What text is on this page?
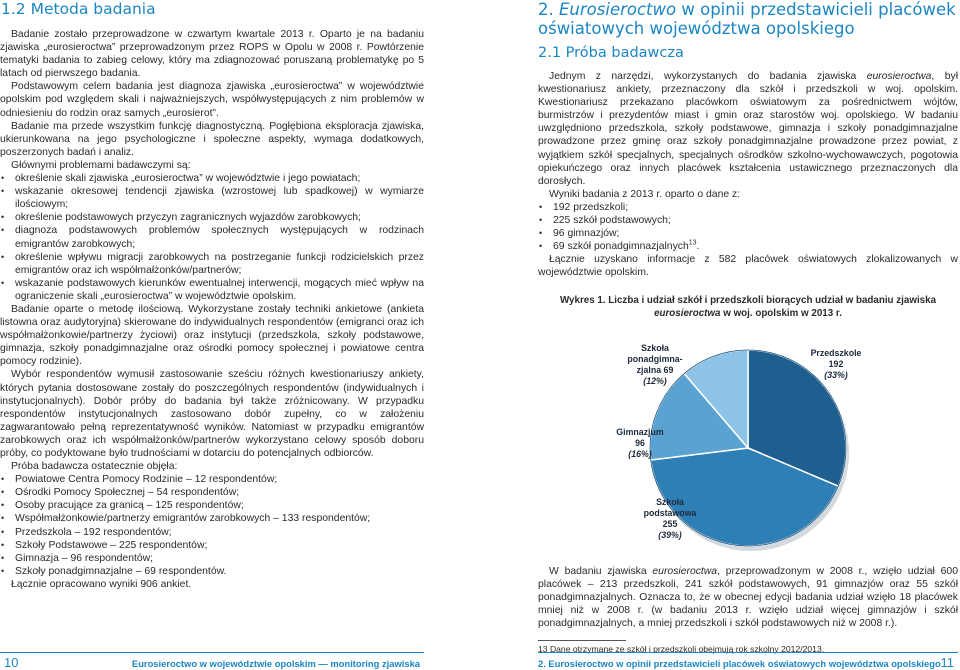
1.2 Metoda badania

Badanie zostało przeprowadzone w czwartym kwartale 2013 r. Oparto je na badaniu zjawiska „eurosieroctwa” przeprowadzonym przez ROPS w Opolu w 2008 r. Powtórzenie tematyki badania to zabieg celowy, który ma zdiagnozować poruszaną problematykę po 5 latach od pierwszego badania.

Podstawowym celem badania jest diagnoza zjawiska „eurosieroctwa” w województwie opolskim pod względem skali i najważniejszych, współwystępujących z nim problemów w odniesieniu do rodzin oraz samych „eurosierot”.

Badanie ma przede wszystkim funkcję diagnostyczną. Pogłębiona eksploracja zjawiska, ukierunkowana na jego psychologiczne i społeczne aspekty, wymaga dodatkowych, poszerzonych badań i analiz.

Głównymi problemami badawczymi są:

• określenie skali zjawiska „eurosieroctwa” w województwie i jego powiatach;
• wskazanie okresowej tendencji zjawiska (wzrostowej lub spadkowej) w wymiarze ilościowym;
• określenie podstawowych przyczyn zagranicznych wyjazdów zarobkowych;
• diagnoza podstawowych problemów społecznych występujących w rodzinach emigrantów zarobkowych;
• określenie wpływu migracji zarobkowych na postrzeganie funkcji rodzicielskich przez emigrantów oraz ich współmałżonków/partnerów;
• wskazanie podstawowych kierunków ewentualnej interwencji, mogących mieć wpływ na ograniczenie skali „eurosieroctwa” w województwie opolskim.

Badanie oparte o metodę ilościową. Wykorzystane zostały techniki ankietowe (ankieta listowna oraz audytoryjna) skierowane do indywidualnych respondentów (emigranci oraz ich współmałżonkowie/partnerzy życiowi) oraz instytucji (przedszkola, szkoły podstawowe, gimnazja, szkoły ponadgimnazjalne oraz ośrodki pomocy społecznej i powiatowe centra pomocy rodzinie).

Wybór respondentów wymusił zastosowanie sześciu różnych kwestionariuszy ankiety, których pytania dostosowane zostały do poszczególnych respondentów (indywidualnych i instytucjonalnych). Dobór próby do badania był także zróżnicowany. W przypadku respondentów instytucjonalnych zastosowano dobór zupełny, co w założeniu zagwarantowało pełną reprezentatywność wyników. Natomiast w przypadku emigrantów zarobkowych oraz ich współmałżonków/partnerów wykorzystano celowy sposób doboru próby, co podyktowane było trudnościami w dotarciu do potencjalnych odbiorców.

Próba badawcza ostatecznie objęła:

• Powiatowe Centra Pomocy Rodzinie – 12 respondentów;
• Ośrodki Pomocy Społecznej – 54 respondentów;
• Osoby pracujące za granicą – 125 respondentów;
• Współmałżonkowie/partnerzy emigrantów zarobkowych – 133 respondentów;
• Przedszkola – 192 respondentów;
• Szkoły Podstawowe – 225 respondentów;
• Gimnazja – 96 respondentów;
• Szkoły ponadgimnazjalne – 69 respondentów.

Łącznie opracowano wyniki 906 ankiet.

2. Eurosieroctwo w opinii przedstawicieli placówek oświatowych województwa opolskiego
2.1 Próba badawcza

Jednym z narzędzi, wykorzystanych do badania zjawiska eurosieroctwa, był kwestionariusz ankiety, przeznaczony dla szkół i przedszkoli w woj. opolskim. Kwestionariusz przekazano placówkom oświatowym za pośrednictwem wójtów, burmistrzów i prezydentów miast i gmin oraz starostów woj. opolskiego. W badaniu uwzględniono przedszkola, szkoły podstawowe, gimnazja i szkoły ponadgimnazjalne prowadzone przez gminę oraz szkoły ponadgimnazjalne prowadzone przez powiat, z wyjątkiem szkół specjalnych, specjalnych ośrodków szkolno-wychowawczych, pogotowia opiekuńczego oraz innych placówek kształcenia ustawicznego przeznaczonych dla dorosłych.

Wyniki badania z 2013 r. oparto o dane z:

• 192 przedszkoli;
• 225 szkół podstawowych;
• 96 gimnazjów;
• 69 szkół ponadgimnazjalnych$^{13}$.

Łącznie uzyskano informacje z 582 placówek oświatowych zlokalizowanych w województwie opolskim.

Wykres 1. Liczba i udział szkół i przedszkoli biorących udział w badaniu zjawiska eurosieroctwa w woj. opolskim w 2013 r.

Przedszkole
192
(33%)
Szkoła
podstawowa
255
(39%)
Gimnazjum
96
(16%)
Szkoła
ponadgimna-
zjalna 69
(12%)

W badaniu zjawiska eurosieroctwa, przeprowadzonym w 2008 r., wzięło udział 600 placówek – 213 przedszkoli, 241 szkół podstawowych, 91 gimnazjów oraz 55 szkół ponadgimnazjalnych. Oznacza to, że w obecnej edycji badania udział wzięło 18 placówek mniej niż w 2008 r. (w badaniu 2013 r. wzięło udział więcej gimnazjów i szkół ponadgimnazjalnych, a mniej przedszkoli i szkół podstawowych niż w 2008 r.).

13 Dane otrzymane ze szkół i przedszkoli obejmują rok szkolny 2012/2013.

10	Eurosieroctwo w województwie opolskim — monitoring zjawiska	2. Eurosieroctwo w opinii przedstawicieli placówek oświatowych województwa opolskiego 11
